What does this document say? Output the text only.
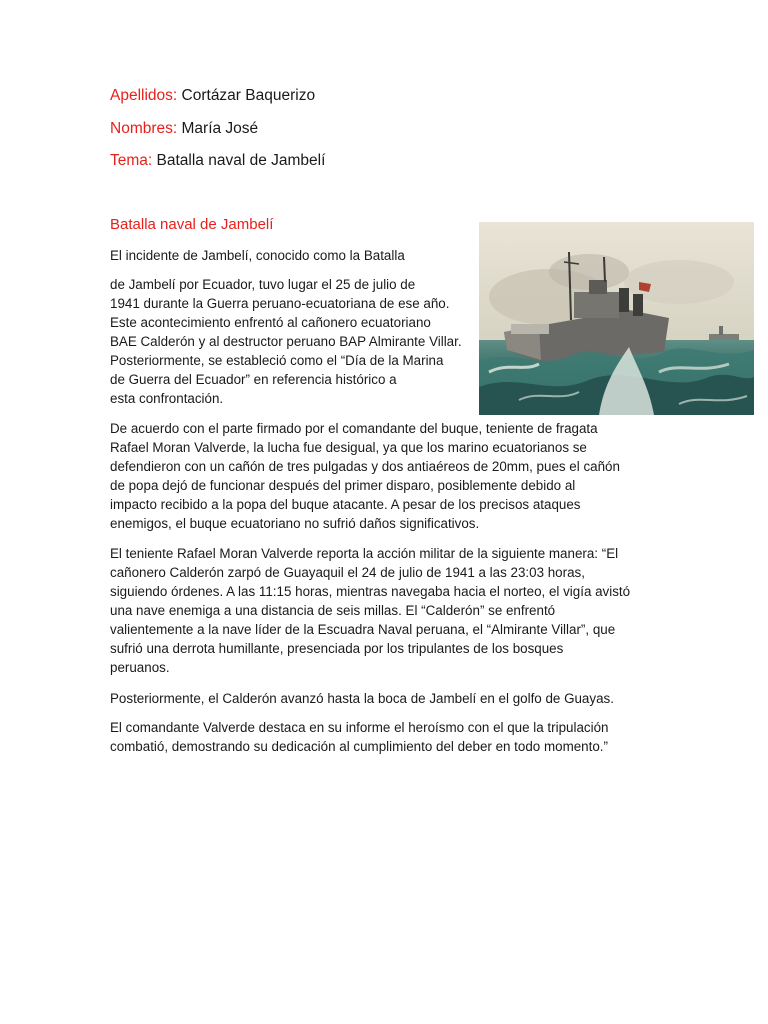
Apellidos: Cortázar Baquerizo
Nombres: María José
Tema: Batalla naval de Jambelí
Batalla naval de Jambelí
El incidente de Jambelí, conocido como la Batalla
de Jambelí por Ecuador, tuvo lugar el 25 de julio de
1941 durante la Guerra peruano-ecuatoriana de ese año.
Este acontecimiento enfrentó al cañonero ecuatoriano
BAE Calderón y al destructor peruano BAP Almirante Villar.
Posteriormente, se estableció como el “Día de la Marina
de Guerra del Ecuador” en referencia histórico a
esta confrontación.
De acuerdo con el parte firmado por el comandante del buque, teniente de fragata
Rafael Moran Valverde, la lucha fue desigual, ya que los marino ecuatorianos se
defendieron con un cañón de tres pulgadas y dos antiaéreos de 20mm, pues el cañón
de popa dejó de funcionar después del primer disparo, posiblemente debido al
impacto recibido a la popa del buque atacante. A pesar de los precisos ataques
enemigos, el buque ecuatoriano no sufrió daños significativos.
El teniente Rafael Moran Valverde reporta la acción militar de la siguiente manera: “El
cañonero Calderón zarpó de Guayaquil el 24 de julio de 1941 a las 23:03 horas,
siguiendo órdenes. A las 11:15 horas, mientras navegaba hacia el norteo, el vigía avistó
una nave enemiga a una distancia de seis millas. El “Calderón” se enfrentó
valientemente a la nave líder de la Escuadra Naval peruana, el “Almirante Villar”, que
sufrió una derrota humillante, presenciada por los tripulantes de los bosques
peruanos.
Posteriormente, el Calderón avanzó hasta la boca de Jambelí en el golfo de Guayas.
El comandante Valverde destaca en su informe el heroísmo con el que la tripulación
combatió, demostrando su dedicación al cumplimiento del deber en todo momento.”
